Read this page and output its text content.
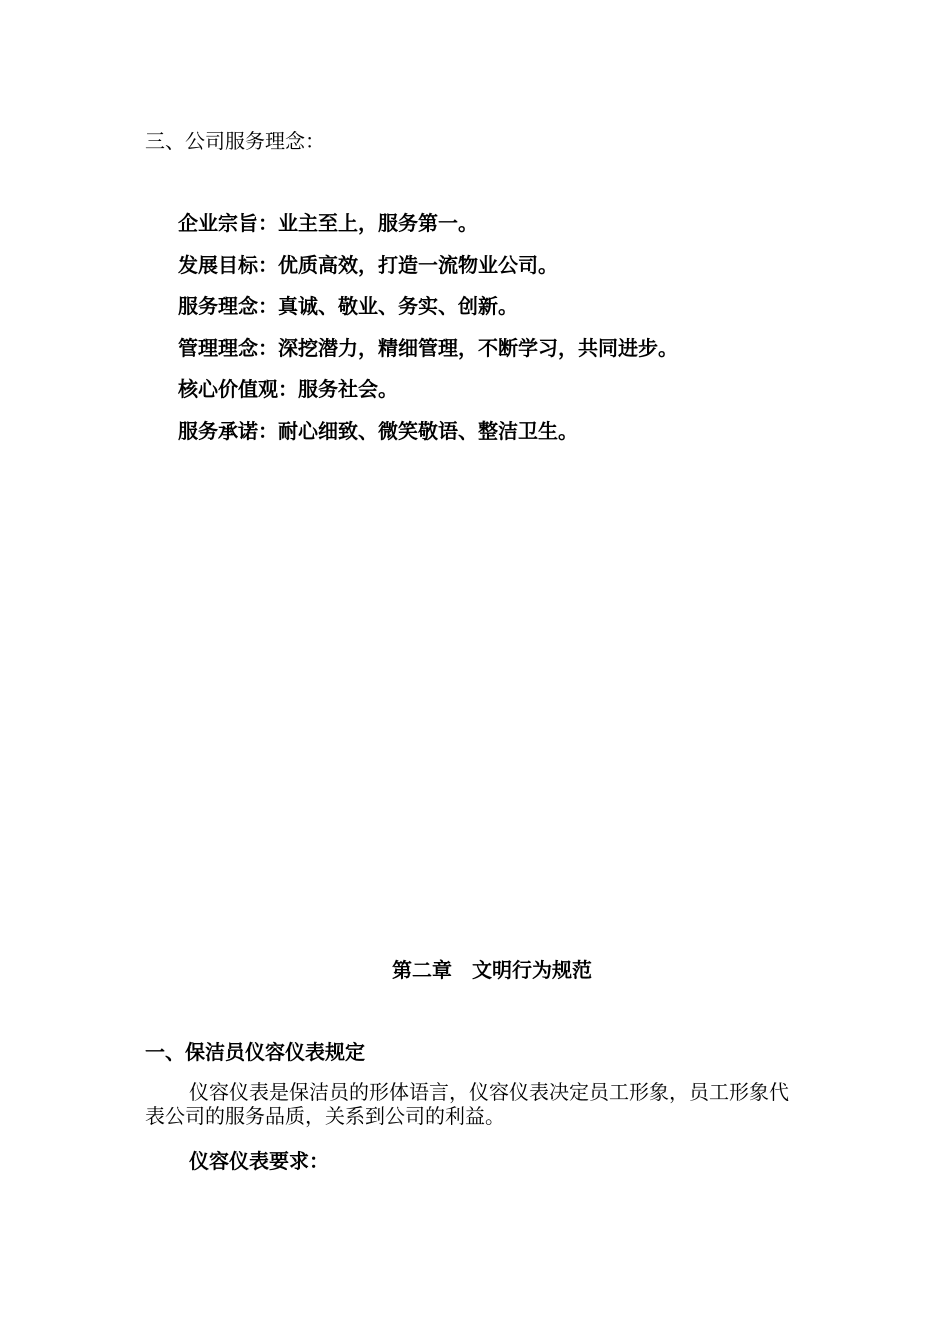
三、公司服务理念：
企业宗旨：业主至上，服务第一。
发展目标：优质高效，打造一流物业公司。
服务理念：真诚、敬业、务实、创新。
管理理念：深挖潜力，精细管理，不断学习，共同进步。
核心价值观：服务社会。
服务承诺：耐心细致、微笑敬语、整洁卫生。
第二章　文明行为规范
一、保洁员仪容仪表规定
仪容仪表是保洁员的形体语言，仪容仪表决定员工形象，员工形象代表公司的服务品质，关系到公司的利益。
仪容仪表要求：
